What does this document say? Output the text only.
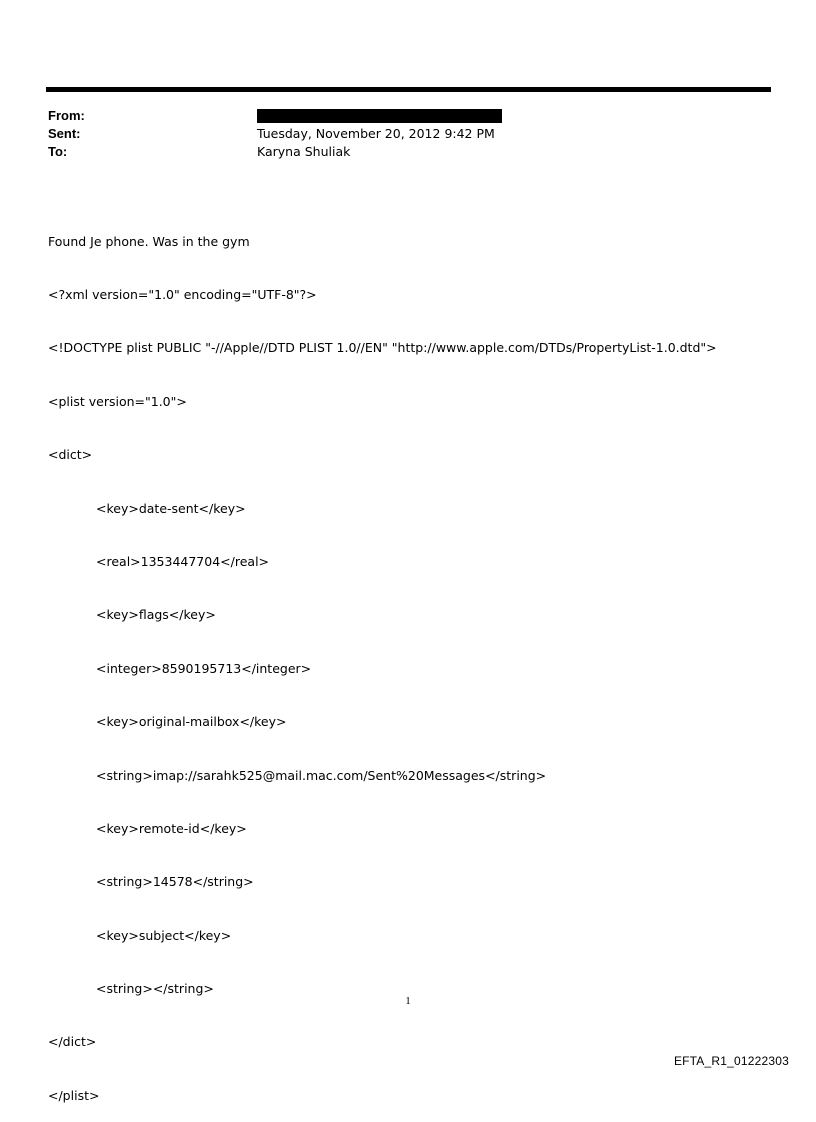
From:
Sent:	Tuesday, November 20, 2012 9:42 PM
To:	Karyna Shuliak

Found Je phone. Was in the gym

<?xml version="1.0" encoding="UTF-8"?>

<!DOCTYPE plist PUBLIC "-//Apple//DTD PLIST 1.0//EN" "http://www.apple.com/DTDs/PropertyList-1.0.dtd">

<plist version="1.0">

<dict>

<key>date-sent</key>

<real>1353447704</real>

<key>flags</key>

<integer>8590195713</integer>

<key>original-mailbox</key>

<string>imap://sarahk525@mail.mac.com/Sent%20Messages</string>

<key>remote-id</key>

<string>14578</string>

<key>subject</key>

<string></string>

</dict>

</plist>

1
EFTA_R1_01222303
